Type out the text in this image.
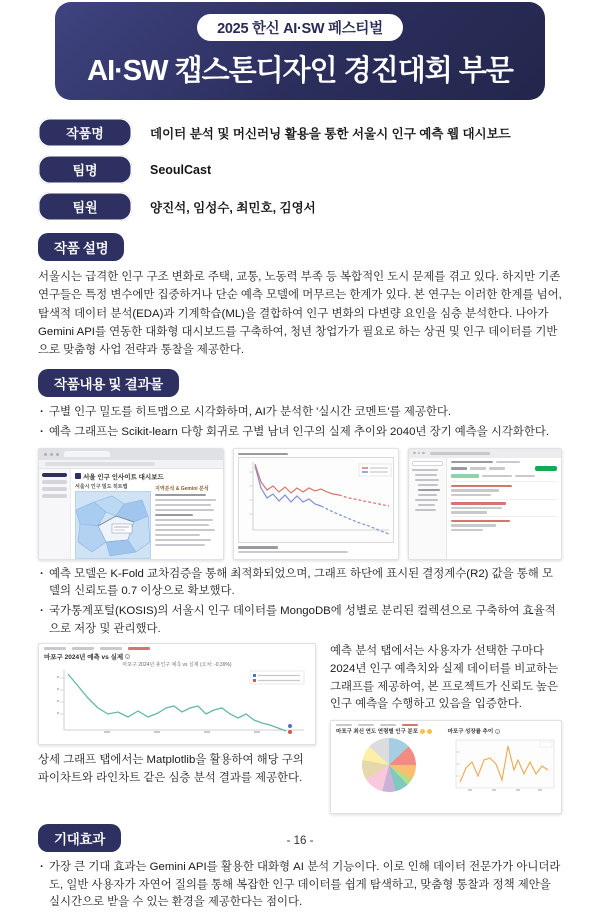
2025 한신 AI·SW 페스티벌
AI·SW 캡스톤디자인 경진대회 부문
작품명	데이터 분석 및 머신러닝 활용을 통한 서울시 인구 예측 웹 대시보드
팀명	SeoulCast
팀원	양진석, 임성수, 최민호, 김영서
작품 설명

서울시는 급격한 인구 구조 변화로 주택, 교통, 노동력 부족 등 복합적인 도시 문제를 겪고 있다. 하지만 기존 연구들은 특정 변수에만 집중하거나 단순 예측 모델에 머무르는 한계가 있다. 본 연구는 이러한 한계를 넘어, 탐색적 데이터 분석(EDA)과 기계학습(ML)을 결합하여 인구 변화의 다변량 요인을 심층 분석한다. 나아가 Gemini API를 연동한 대화형 대시보드를 구축하여, 청년 창업가가 필요로 하는 상권 및 인구 데이터를 기반으로 맞춤형 사업 전략과 통찰을 제공한다.

작품내용 및 결과물
· 구별 인구 밀도를 히트맵으로 시각화하며, AI가 분석한 '실시간 코멘트'를 제공한다.
· 예측 그래프는 Scikit-learn 다항 회귀로 구별 남녀 인구의 실제 추이와 2040년 장기 예측을 시각화한다.
서울 인구 인사이트 대시보드
서울시 인구 밀도 히트맵	지역분석 & Gemini 분석
· 예측 모델은 K-Fold 교차검증을 통해 최적화되었으며, 그래프 하단에 표시된 결정계수(R2) 값을 통해 모델의 신뢰도를 0.7 이상으로 확보했다.
· 국가통계포털(KOSIS)의 서울시 인구 데이터를 MongoDB에 성별로 분리된 컬렉션으로 구축하여 효율적으로 저장 및 관리했다.
마포구 2024년 예측 vs 실제 i
마포구 2024년 총인구 예측 vs 실제 (오차: -0.39%)

상세 그래프 탭에서는 Matplotlib을 활용하여 해당 구의 파이차트와 라인차트 같은 심층 분석 결과를 제공한다.

예측 분석 탭에서는 사용자가 선택한 구마다 2024년 인구 예측치와 실제 데이터를 비교하는 그래프를 제공하여, 본 프로젝트가 신뢰도 높은 인구 예측을 수행하고 있음을 입증한다.

마포구 최신 연도 연령별 인구 분포	마포구 성장률 추이 i
기대효과
· 가장 큰 기대 효과는 Gemini API를 활용한 대화형 AI 분석 기능이다. 이로 인해 데이터 전문가가 아니더라도, 일반 사용자가 자연어 질의를 통해 복잡한 인구 데이터를 쉽게 탐색하고, 맞춤형 통찰과 정책 제안을 실시간으로 받을 수 있는 환경을 제공한다는 점이다.
- 16 -
